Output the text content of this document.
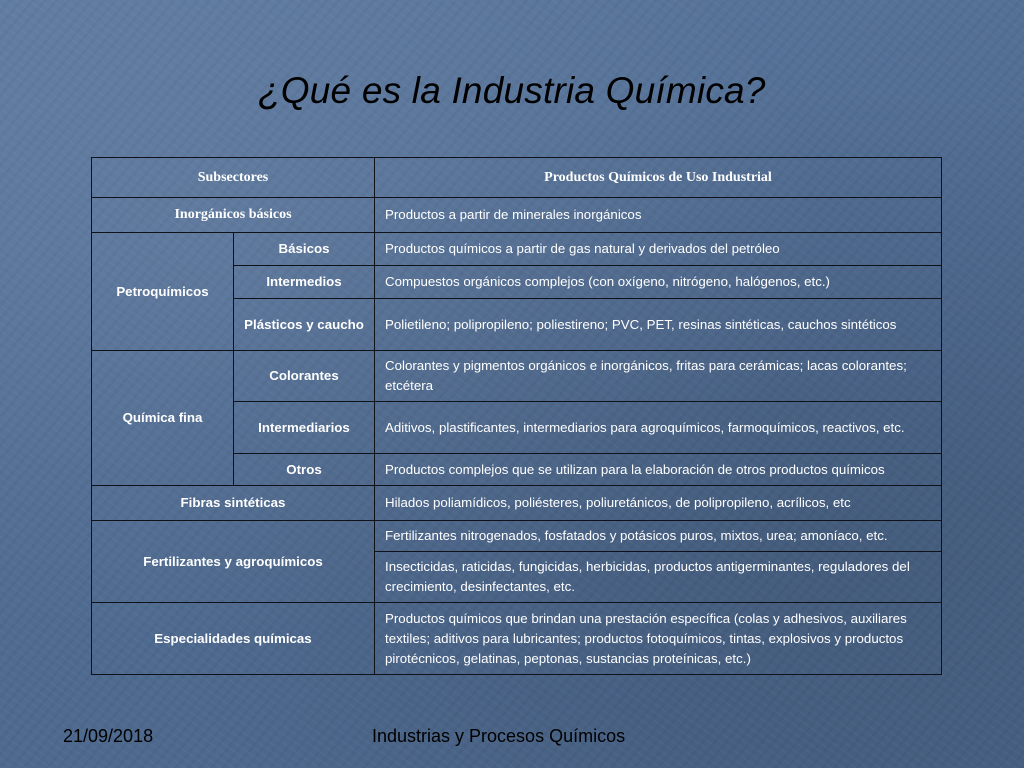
¿Qué es la Industria Química?
Subsectores		Productos Químicos de Uso Industrial
Inorgánicos básicos		Productos a partir de minerales inorgánicos
Petroquímicos	Básicos	Productos químicos a partir de gas natural y derivados del petróleo
	Intermedios	Compuestos orgánicos complejos (con oxígeno, nitrógeno, halógenos, etc.)
	Plásticos y caucho	Polietileno; polipropileno; poliestireno; PVC, PET, resinas sintéticas, cauchos sintéticos
Química fina	Colorantes	Colorantes y pigmentos orgánicos e inorgánicos, fritas para cerámicas; lacas colorantes; etcétera
	Intermediarios	Aditivos, plastificantes, intermediarios para agroquímicos, farmoquímicos, reactivos, etc.
	Otros	Productos complejos que se utilizan para la elaboración de otros productos químicos
Fibras sintéticas		Hilados poliamídicos, poliésteres, poliuretánicos, de polipropileno, acrílicos, etc
Fertilizantes y agroquímicos		Fertilizantes nitrogenados, fosfatados y potásicos puros, mixtos, urea; amoníaco, etc.
		Insecticidas, raticidas, fungicidas, herbicidas, productos antigerminantes, reguladores del crecimiento, desinfectantes, etc.
Especialidades químicas		Productos químicos que brindan una prestación específica (colas y adhesivos, auxiliares textiles; aditivos para lubricantes; productos fotoquímicos, tintas, explosivos y productos pirotécnicos, gelatinas, peptonas, sustancias proteínicas, etc.)
21/09/2018	Industrias y Procesos Químicos
